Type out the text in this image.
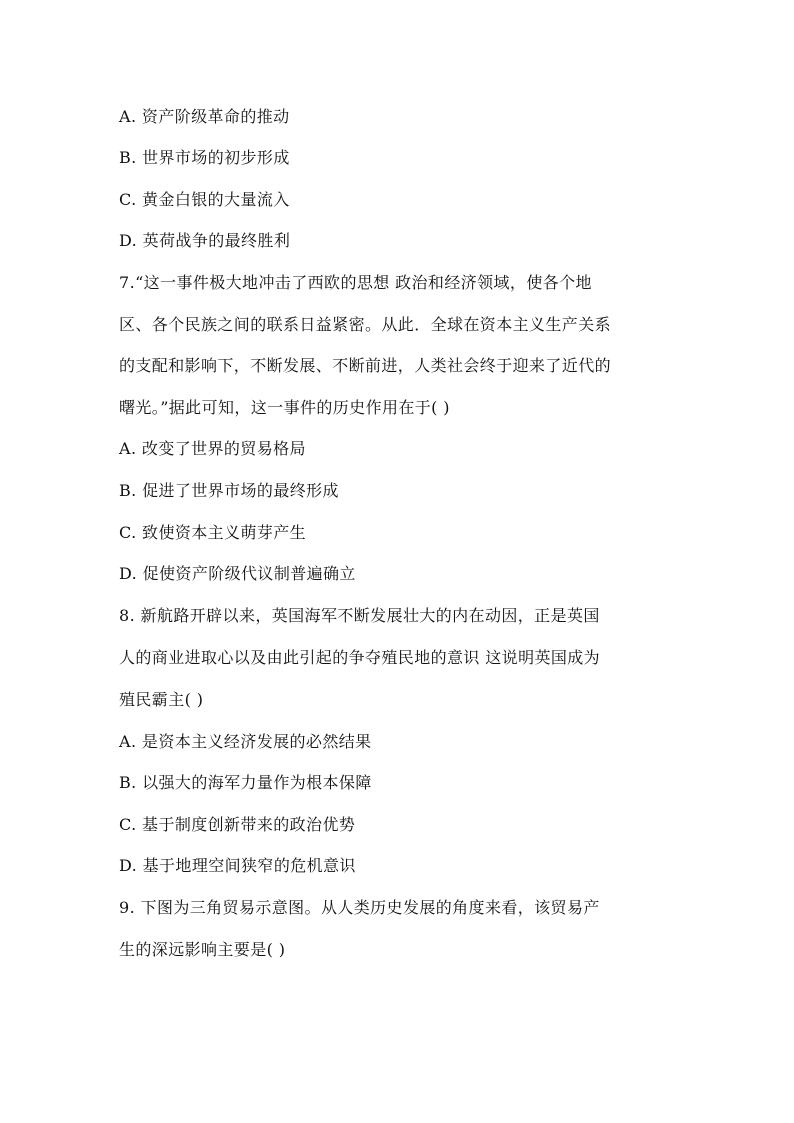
A. 资产阶级革命的推动
B. 世界市场的初步形成
C. 黄金白银的大量流入
D. 英荷战争的最终胜利
7.“这一事件极大地冲击了西欧的思想 政治和经济领域，使各个地
区、各个民族之间的联系日益紧密。从此．全球在资本主义生产关系
的支配和影响下，不断发展、不断前进，人类社会终于迎来了近代的
曙光。”据此可知，这一事件的历史作用在于( )
A. 改变了世界的贸易格局
B. 促进了世界市场的最终形成
C. 致使资本主义萌芽产生
D. 促使资产阶级代议制普遍确立
8. 新航路开辟以来，英国海军不断发展壮大的内在动因，正是英国
人的商业进取心以及由此引起的争夺殖民地的意识 这说明英国成为
殖民霸主( )
A. 是资本主义经济发展的必然结果
B. 以强大的海军力量作为根本保障
C. 基于制度创新带来的政治优势
D. 基于地理空间狭窄的危机意识
9. 下图为三角贸易示意图。从人类历史发展的角度来看，该贸易产
生的深远影响主要是( )
